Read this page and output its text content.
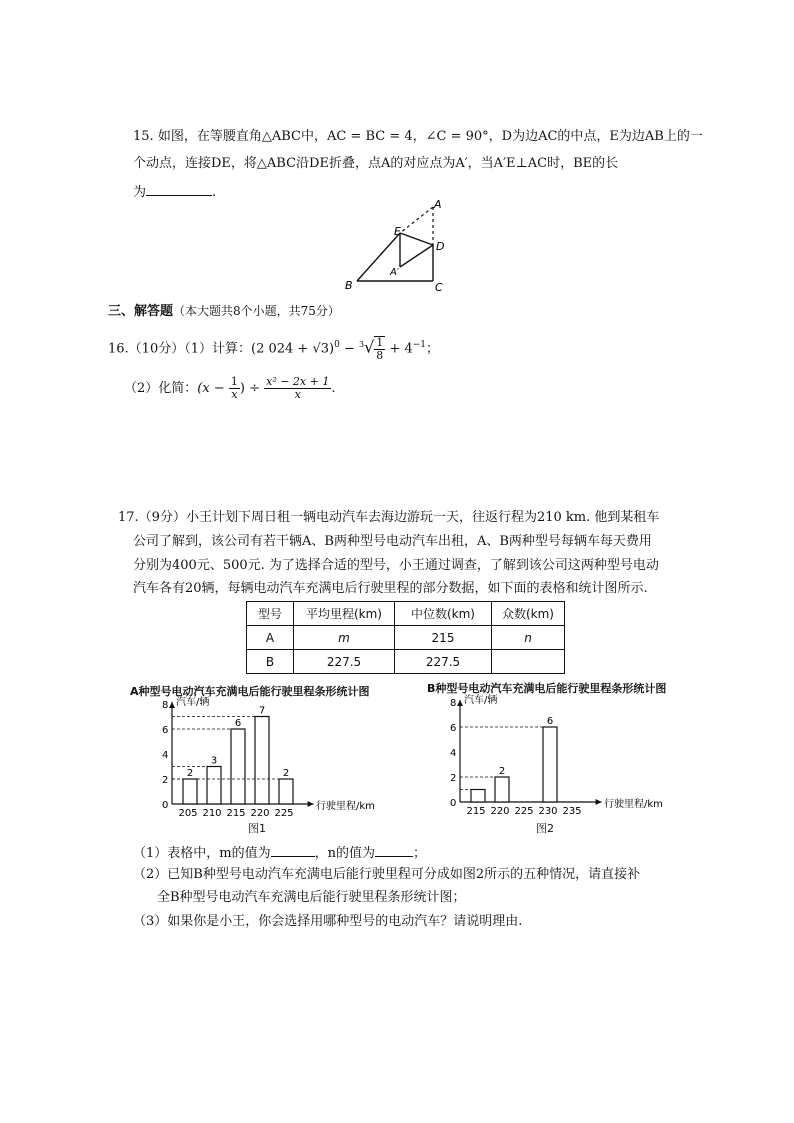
15. 如图，在等腰直角△ABC中，AC = BC = 4，∠C = 90°，D为边AC的中点，E为边AB上的一
个动点，连接DE，将△ABC沿DE折叠，点A的对应点为A′，当A′E⊥AC时，BE的长
为	.
A
E
D
A′
B	C
三、解答题（本大题共8个小题，共75分）
16.（10分）（1）计算：(2 $024 + √3)^0 - ^3√ \frac{1}{8} + 4^{-1}$；
（2）化简：($x - \frac{1}{x}$ ) ÷ $\frac{\text{x² − 2x + 1}}{x}$ .
17.（9分）小王计划下周日租一辆电动汽车去海边游玩一天，往返行程为210 km. 他到某租车
公司了解到，该公司有若干辆A、B两种型号电动汽车出租，A、B两种型号每辆车每天费用
分别为400元、500元. 为了选择合适的型号，小王通过调查，了解到该公司这两种型号电动
汽车各有20辆，每辆电动汽车充满电后行驶里程的部分数据，如下面的表格和统计图所示.
型号	平均里程(km)	中位数(km)	众数(km)
A	m	215	n
B	227.5	227.5	
A种型号电动汽车充满电后能行驶里程条形统计图	B种型号电动汽车充满电后能行驶里程条形统计图
汽车/辆
行驶里程/km
0
2
4
6
8
205
2
210
3
215
6
220
7
225
2
图1
汽车/辆
行驶里程/km
0
2
4
6
8
215 220
2
225 230
6
235
图2
（1）表格中，m的值为	，n的值为	；
（2）已知B种型号电动汽车充满电后能行驶里程可分成如图2所示的五种情况，请直接补
全B种型号电动汽车充满电后能行驶里程条形统计图；
（3）如果你是小王，你会选择用哪种型号的电动汽车？请说明理由.
